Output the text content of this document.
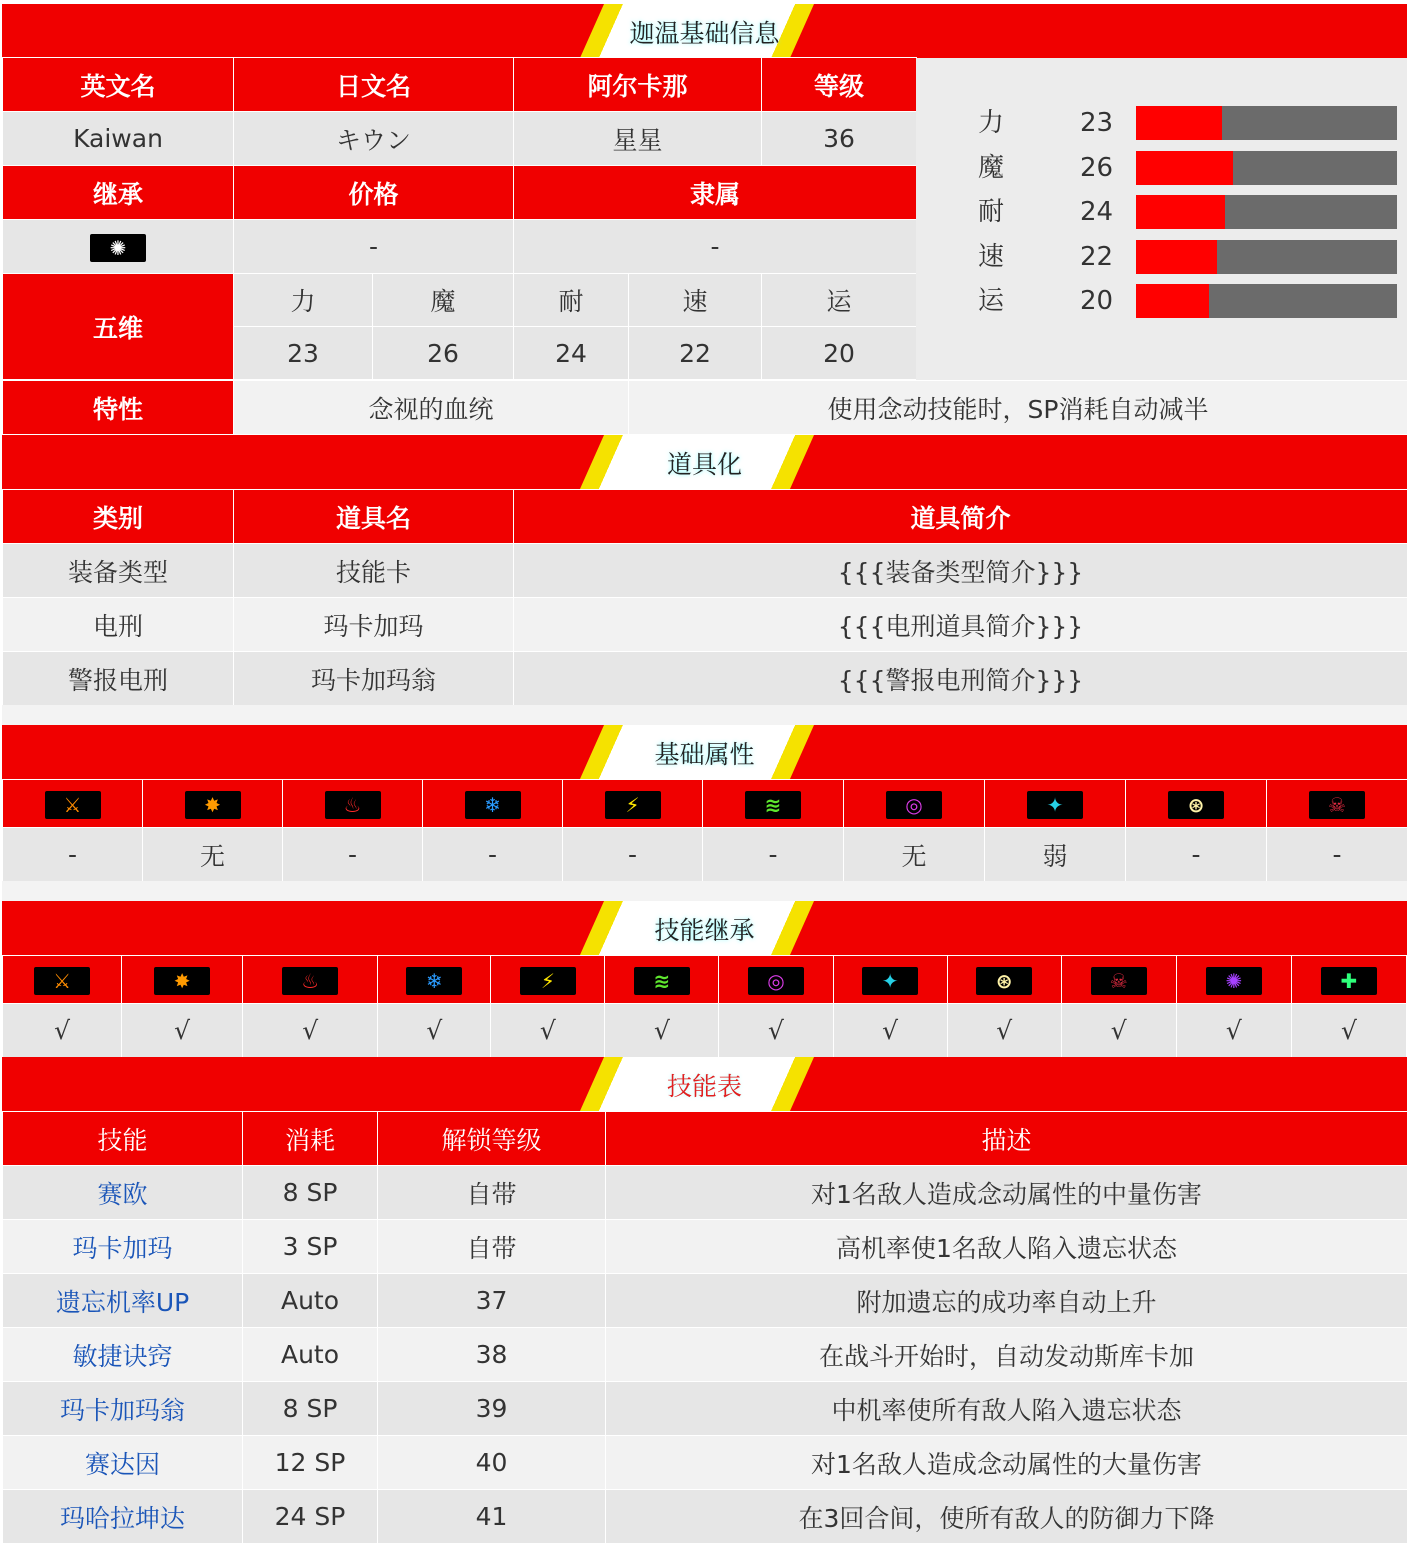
迦温基础信息
英文名	日文名		阿尔卡那		等级
Kaiwan	キウン		星星		36
继承	价格		隶属		
✺	-		-		
五维	力	魔	耐	速	运
	23	26	24	22	20
力	23
魔	26
耐	24
速	22
运	20
特性	念视的血统	使用念动技能时，SP消耗自动减半
道具化
类别	道具名	道具简介
装备类型	技能卡	{{{装备类型简介}}}
电刑	玛卡加玛	{{{电刑道具简介}}}
警报电刑	玛卡加玛翁	{{{警报电刑简介}}}
基础属性
⚔	✸	♨	❄	⚡	≋	◎	✦	⊛	☠
-	无	-	-	-	-	无	弱	-	-
技能继承
⚔	✸	♨	❄	⚡	≋	◎	✦	⊛	☠	✺	✚
√	√	√	√	√	√	√	√	√	√	√	√
技能表
技能	消耗	解锁等级	描述
赛欧	8 SP	自带	对1名敌人造成念动属性的中量伤害
玛卡加玛	3 SP	自带	高机率使1名敌人陷入遗忘状态
遗忘机率UP	Auto	37	附加遗忘的成功率自动上升
敏捷诀窍	Auto	38	在战斗开始时，自动发动斯库卡加
玛卡加玛翁	8 SP	39	中机率使所有敌人陷入遗忘状态
赛达因	12 SP	40	对1名敌人造成念动属性的大量伤害
玛哈拉坤达	24 SP	41	在3回合间，使所有敌人的防御力下降
